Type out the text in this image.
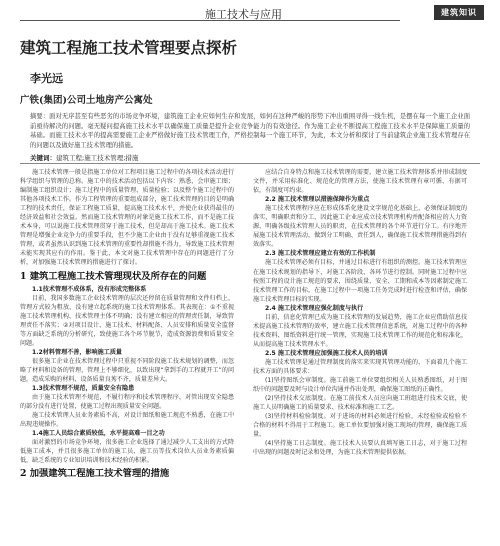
施工技术与应用	建筑知识
建筑工程施工技术管理要点探析
李光远
广铁(集团)公司土地房产公寓处
摘要：面对无序甚至有些恶劣的市场竞争环境，建筑施工企业应如何生存和发展，如何在这种严峻的形势下冲出重围寻得一线生机，是摆在每一个施工企业面前亟待解决的问题。毫无疑问提高施工技术水平以确保施工质量是提升企业竞争能力的有效途径。作为施工企业不断提高工程施工技术水平是保障施工质量的基础。而施工技术水平的提高需要施工企业严格做好施工技术管理工作，严格控制每一个施工环节，为此，本文分析和探讨了当前建筑企业施工技术管理存在的问题以及做好施工技术管理的措施。
关键词：建筑工程;施工技术管理;措施

施工技术管理一般是指施工单位对工程项目施工过程中的各项技术活动进行科学组织与管理的总称。施工中的技术活动包括以下内容：熟悉、会审施工图；编制施工组织设计；施工过程中的质量管理、质量检验；以及整个施工过程中的其他各项技术工作。作为工程管理的重要组成部分，施工技术管理的目的是明确工程的技术责任，保证工程施工质量，提高施工技术水平，并使企业获得最佳的经济效益和社会效益。然而施工技术管理的对象是施工技术工作，而不是施工技术本身，可以说施工技术管理贯穿于施工技术，但是却高于施工技术。施工技术管理是增强企业竞争力的重要手段，但不少施工企业由于没有足够重视施工技术管理，或者虽然认识到施工技术管理的重要性却措施不得力，导致施工技术管理未能实现其应有的作用。鉴于此，本文对施工技术管理中存在的问题进行了分析，对加强施工技术管理的措施进行了探讨。

1 建筑工程施工技术管理现状及所存在的问题
1.1技术管理不成体系，没有形成完整体系

目前，我国多数施工企业技术管理的层次还停留在质量管理和文件归档上，管理方式较为粗放，没有建立起系统的施工技术管理体系。其表现在：①不重视施工技术管理机构、技术管理主体不明确；没有建立相应的管理责任制，导致管理责任不落实；②对项目设计、施工技术、材料配备、人员安排和质量安全监督等方面缺乏系统的分析研究，致使施工各个环节脱节，造成资源浪费和质量安全问题。

1.2材料管理不善，影响施工质量

很多施工企业在技术管理过程中只重视不同阶段施工技术规划的调整，而忽略了材料和设备的管理，管理上不够细化，以致出现“拿到手的工程就开工”的问题，造成采购的材料、设备质量良莠不齐，质量差异大。

1.3技术管理不规范，质量安全有隐患

由于施工技术管理不规范，不履行程序和技术管理程序，对管出现安全隐患的部分没有进行处置，使施工过程出现质量安全问题。

施工技术管理人员业务素质不高，对设计图纸和施工规范不熟悉，在施工中出现违规操作。

1.4施工人员综合素质较低，水平提高难一目之功

面对激烈的市场竞争环境，很多施工企业选择了通过减少人工支出的方式降低施工成本，并且很多施工单位的施工员、施工员等技术岗位人员业务素质偏低，缺乏系统的专业知识培训和技术经验的积累。

2 加强建筑工程施工技术管理的措施

应结合自身特点和施工技术管理的需要，建立施工技术管理体系并形成制度文件，并采用标准化、规范化的管理方法，使施工技术管理有章可循、有据可依，有制度可约束。

2.2 施工技术管理以措施保障作为重点

施工技术管理程序应在形成体系化建设文字规范化基础上，必须保证制度的落实，明确职责和分工，因此施工企业应成立技术管理机构并配备相应的人力资源，明确各级技术管理人员的职责，在技术管理的各个环节进行分工。有序地开展施工技术管理活动，做到分工明确、责任到人，确保施工技术管理措施得到有效落实。

2.3 施工技术管理应建立有效的工作机制

施工技术管理必须有目标，并通过目标进行有组织的测控。施工技术管理应在施工技术规划的指导下，对施工各阶段、各环节进行控制。同时施工过程中应按照工程的设计施工规范的要求，围绕质量、安全、工期和成本等因素制定施工技术管理工作的目标，在施工过程中一项施工任务完成时进行检查和评估，确保施工技术管理目标的实现。

2.4 施工技术管理应强化制度与执行

目前，信息化管理已成为施工技术管理的发展趋势，施工企业应借助信息技术提高施工技术管理的效率，建立施工技术管理信息系统，对施工过程中的各种技术资料、图纸资料进行统一管理，实现施工技术管理工作的规范化和标准化，从而提高施工技术管理水平。

2.5 施工技术管理应加强施工技术人员的培训

施工技术管理是通过管理制度的落实来实现其管理功能的，下面着几个施工技术方面的具体要求：

(1)坚持图纸会审制度。施工前施工单位要组织相关人员熟悉图纸，对于图纸中的问题要及时与设计单位沟通并作出处理，确保施工图纸的正确性。

(2)坚持技术交底制度。在施工前技术人员应向施工班组进行技术交底，使施工人员明确施工的质量要求、技术标准和施工工艺。

(3)坚持材料检验制度。对于进场的材料必须进行检验，未经检验或检验不合格的材料不得用于工程施工。施工单位要加强对施工现场的管理，确保施工质量。

(4)坚持施工日志制度。施工技术人员要认真填写施工日志，对于施工过程中出现的问题及时记录和处理，为施工技术管理提供依据。
